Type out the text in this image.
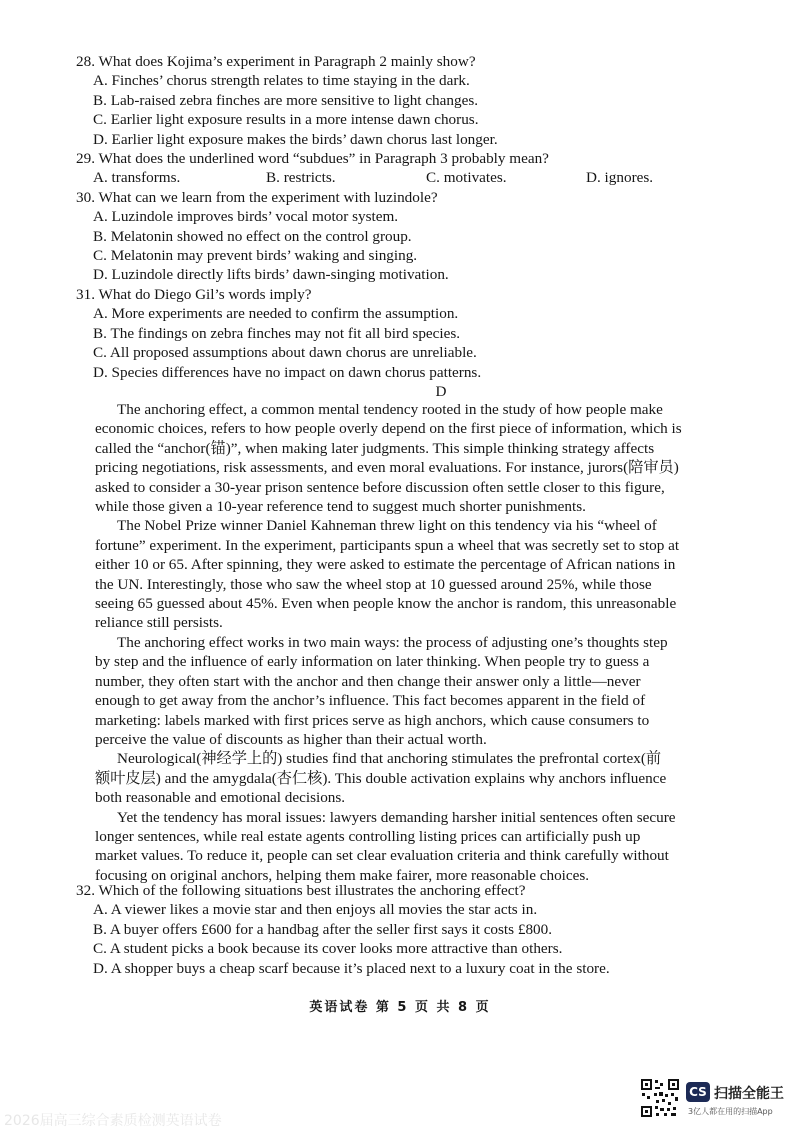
28. What does Kojima’s experiment in Paragraph 2 mainly show?
A. Finches’ chorus strength relates to time staying in the dark.
B. Lab-raised zebra finches are more sensitive to light changes.
C. Earlier light exposure results in a more intense dawn chorus.
D. Earlier light exposure makes the birds’ dawn chorus last longer.
29. What does the underlined word “subdues” in Paragraph 3 probably mean?
A. transforms.	B. restricts.	C. motivates.	D. ignores.
30. What can we learn from the experiment with luzindole?
A. Luzindole improves birds’ vocal motor system.
B. Melatonin showed no effect on the control group.
C. Melatonin may prevent birds’ waking and singing.
D. Luzindole directly lifts birds’ dawn-singing motivation.
31. What do Diego Gil’s words imply?
A. More experiments are needed to confirm the assumption.
B. The findings on zebra finches may not fit all bird species.
C. All proposed assumptions about dawn chorus are unreliable.
D. Species differences have no impact on dawn chorus patterns.
D
The anchoring effect, a common mental tendency rooted in the study of how people make
economic choices, refers to how people overly depend on the first piece of information, which is
called the “anchor(锚)”, when making later judgments. This simple thinking strategy affects
pricing negotiations, risk assessments, and even moral evaluations. For instance, jurors(陪审员)
asked to consider a 30-year prison sentence before discussion often settle closer to this figure,
while those given a 10-year reference tend to suggest much shorter punishments.
The Nobel Prize winner Daniel Kahneman threw light on this tendency via his “wheel of
fortune” experiment. In the experiment, participants spun a wheel that was secretly set to stop at
either 10 or 65. After spinning, they were asked to estimate the percentage of African nations in
the UN. Interestingly, those who saw the wheel stop at 10 guessed around 25%, while those
seeing 65 guessed about 45%. Even when people know the anchor is random, this unreasonable
reliance still persists.
The anchoring effect works in two main ways: the process of adjusting one’s thoughts step
by step and the influence of early information on later thinking. When people try to guess a
number, they often start with the anchor and then change their answer only a little—never
enough to get away from the anchor’s influence. This fact becomes apparent in the field of
marketing: labels marked with first prices serve as high anchors, which cause consumers to
perceive the value of discounts as higher than their actual worth.
Neurological(神经学上的) studies find that anchoring stimulates the prefrontal cortex(前
额叶皮层) and the amygdala(杏仁核). This double activation explains why anchors influence
both reasonable and emotional decisions.
Yet the tendency has moral issues: lawyers demanding harsher initial sentences often secure
longer sentences, while real estate agents controlling listing prices can artificially push up
market values. To reduce it, people can set clear evaluation criteria and think carefully without
focusing on original anchors, helping them make fairer, more reasonable choices.
32. Which of the following situations best illustrates the anchoring effect?
A. A viewer likes a movie star and then enjoys all movies the star acts in.
B. A buyer offers £600 for a handbag after the seller first says it costs £800.
C. A student picks a book because its cover looks more attractive than others.
D. A shopper buys a cheap scarf because it’s placed next to a luxury coat in the store.
英语试卷 第 5 页 共 8 页
2026届高三综合素质检测英语试卷
CS 扫描全能王
3亿人都在用的扫描App
